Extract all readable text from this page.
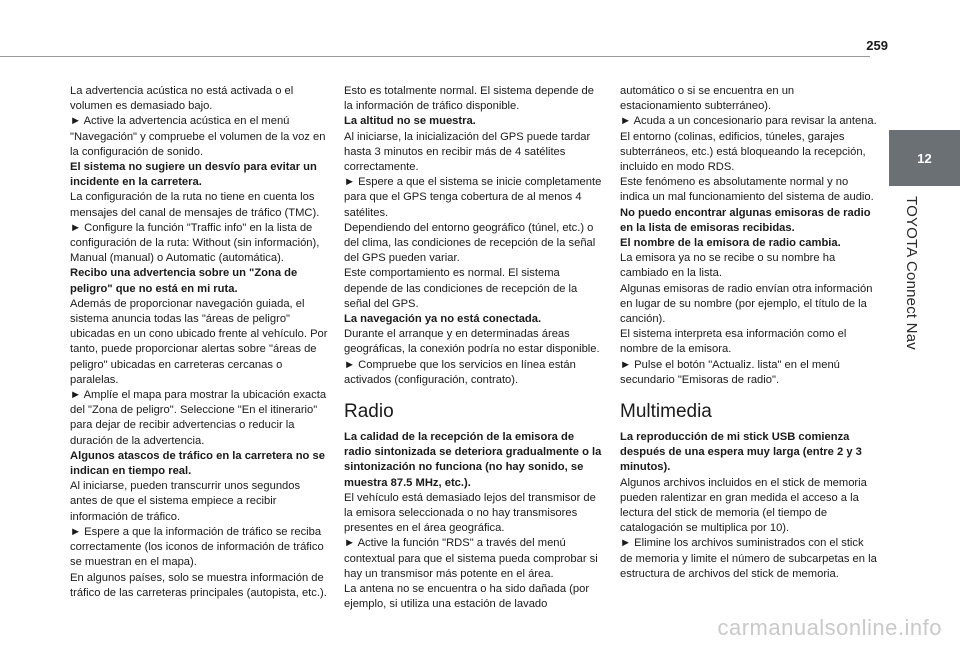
259
12
TOYOTA Connect Nav

La advertencia acústica no está activada o el volumen es demasiado bajo.

► Active la advertencia acústica en el menú "Navegación" y compruebe el volumen de la voz en la configuración de sonido.

El sistema no sugiere un desvío para evitar un incidente en la carretera.

La configuración de la ruta no tiene en cuenta los mensajes del canal de mensajes de tráfico (TMC).

► Configure la función "Traffic info" en la lista de configuración de la ruta: Without (sin información), Manual (manual) o Automatic (automática).

Recibo una advertencia sobre un "Zona de peligro" que no está en mi ruta.

Además de proporcionar navegación guiada, el sistema anuncia todas las "áreas de peligro" ubicadas en un cono ubicado frente al vehículo. Por tanto, puede proporcionar alertas sobre "áreas de peligro" ubicadas en carreteras cercanas o paralelas.

► Amplíe el mapa para mostrar la ubicación exacta del "Zona de peligro". Seleccione "En el itinerario" para dejar de recibir advertencias o reducir la duración de la advertencia.

Algunos atascos de tráfico en la carretera no se indican en tiempo real.

Al iniciarse, pueden transcurrir unos segundos antes de que el sistema empiece a recibir información de tráfico.

► Espere a que la información de tráfico se reciba correctamente (los iconos de información de tráfico se muestran en el mapa).

En algunos países, solo se muestra información de tráfico de las carreteras principales (autopista, etc.).

Esto es totalmente normal. El sistema depende de la información de tráfico disponible.

La altitud no se muestra.

Al iniciarse, la inicialización del GPS puede tardar hasta 3 minutos en recibir más de 4 satélites correctamente.

► Espere a que el sistema se inicie completamente para que el GPS tenga cobertura de al menos 4 satélites.

Dependiendo del entorno geográfico (túnel, etc.) o del clima, las condiciones de recepción de la señal del GPS pueden variar.

Este comportamiento es normal. El sistema depende de las condiciones de recepción de la señal del GPS.

La navegación ya no está conectada.

Durante el arranque y en determinadas áreas geográficas, la conexión podría no estar disponible.

► Compruebe que los servicios en línea están activados (configuración, contrato).

Radio

La calidad de la recepción de la emisora de radio sintonizada se deteriora gradualmente o la sintonización no funciona (no hay sonido, se muestra 87.5 MHz, etc.).

El vehículo está demasiado lejos del transmisor de la emisora seleccionada o no hay transmisores presentes en el área geográfica.

► Active la función "RDS" a través del menú contextual para que el sistema pueda comprobar si hay un transmisor más potente en el área.

La antena no se encuentra o ha sido dañada (por ejemplo, si utiliza una estación de lavado

automático o si se encuentra en un estacionamiento subterráneo).

► Acuda a un concesionario para revisar la antena.

El entorno (colinas, edificios, túneles, garajes subterráneos, etc.) está bloqueando la recepción, incluido en modo RDS.

Este fenómeno es absolutamente normal y no indica un mal funcionamiento del sistema de audio.

No puedo encontrar algunas emisoras de radio en la lista de emisoras recibidas.

El nombre de la emisora de radio cambia.

La emisora ya no se recibe o su nombre ha cambiado en la lista.

Algunas emisoras de radio envían otra información en lugar de su nombre (por ejemplo, el título de la canción).

El sistema interpreta esa información como el nombre de la emisora.

► Pulse el botón "Actualiz. lista" en el menú secundario "Emisoras de radio".

Multimedia

La reproducción de mi stick USB comienza después de una espera muy larga (entre 2 y 3 minutos).

Algunos archivos incluidos en el stick de memoria pueden ralentizar en gran medida el acceso a la lectura del stick de memoria (el tiempo de catalogación se multiplica por 10).

► Elimine los archivos suministrados con el stick de memoria y limite el número de subcarpetas en la estructura de archivos del stick de memoria.

carmanualsonline.info
